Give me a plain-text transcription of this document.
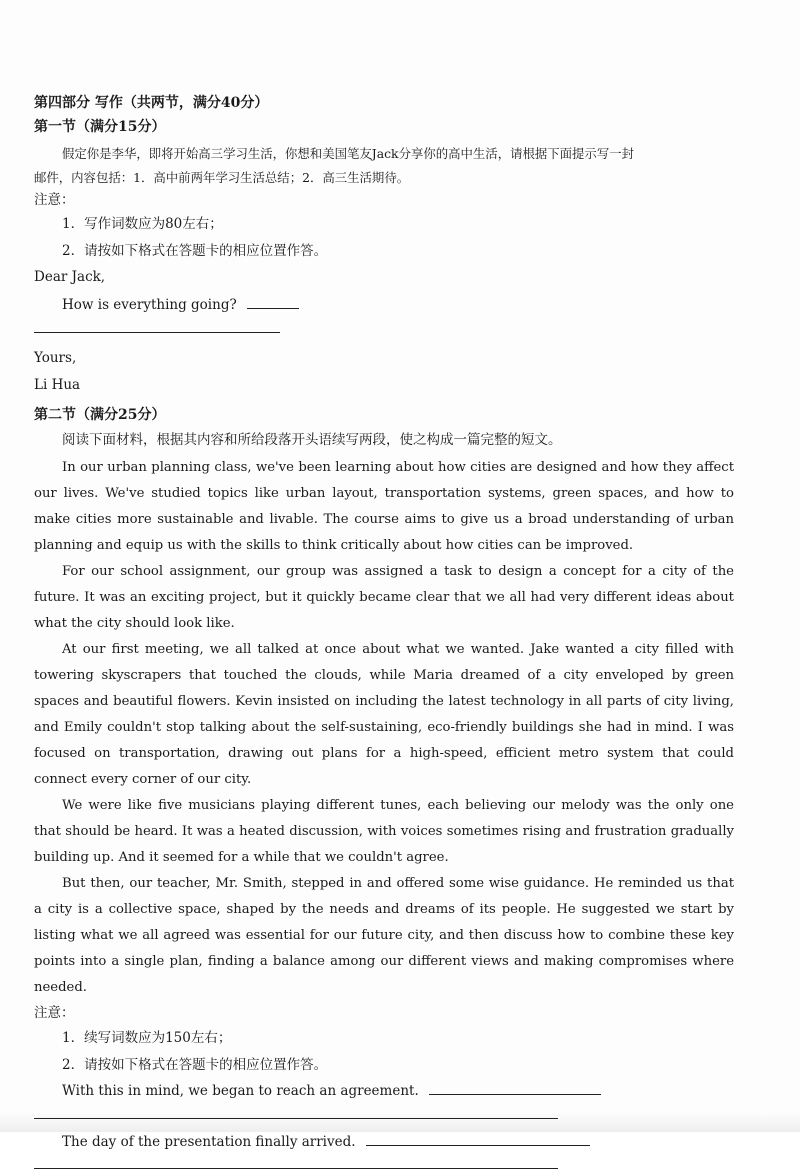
第四部分 写作（共两节，满分40分）
第一节（满分15分）
假定你是李华，即将开始高三学习生活，你想和美国笔友Jack分享你的高中生活，请根据下面提示写一封
邮件，内容包括：1．高中前两年学习生活总结；2．高三生活期待。
注意：
1．写作词数应为80左右；
2．请按如下格式在答题卡的相应位置作答。
Dear Jack,
How is everything going?
Yours,
Li Hua
第二节（满分25分）
阅读下面材料，根据其内容和所给段落开头语续写两段，使之构成一篇完整的短文。

In our urban planning class, we've been learning about how cities are designed and how they affect our lives. We've studied topics like urban layout, transportation systems, green spaces, and how to make cities more sustainable and livable. The course aims to give us a broad understanding of urban planning and equip us with the skills to think critically about how cities can be improved.

For our school assignment, our group was assigned a task to design a concept for a city of the future. It was an exciting project, but it quickly became clear that we all had very different ideas about what the city should look like.

At our first meeting, we all talked at once about what we wanted. Jake wanted a city filled with towering skyscrapers that touched the clouds, while Maria dreamed of a city enveloped by green spaces and beautiful flowers. Kevin insisted on including the latest technology in all parts of city living, and Emily couldn't stop talking about the self-sustaining, eco-friendly buildings she had in mind. I was focused on transportation, drawing out plans for a high-speed, efficient metro system that could connect every corner of our city.

We were like five musicians playing different tunes, each believing our melody was the only one that should be heard. It was a heated discussion, with voices sometimes rising and frustration gradually building up. And it seemed for a while that we couldn't agree.

But then, our teacher, Mr. Smith, stepped in and offered some wise guidance. He reminded us that a city is a collective space, shaped by the needs and dreams of its people. He suggested we start by listing what we all agreed was essential for our future city, and then discuss how to combine these key points into a single plan, finding a balance among our different views and making compromises where needed.

注意：
1．续写词数应为150左右；
2．请按如下格式在答题卡的相应位置作答。
With this in mind, we began to reach an agreement.
The day of the presentation finally arrived.
